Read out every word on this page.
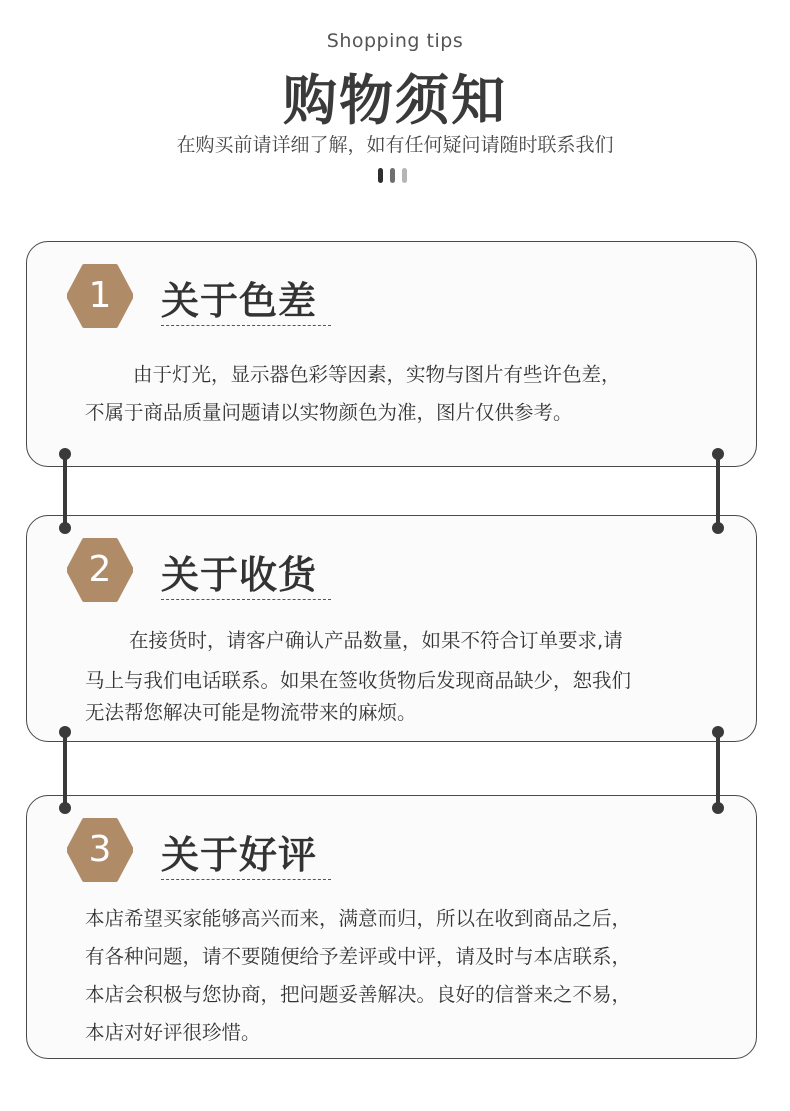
Shopping tips
购物须知
在购买前请详细了解，如有任何疑问请随时联系我们
1	关于色差

由于灯光，显示器色彩等因素，实物与图片有些许色差，

不属于商品质量问题请以实物颜色为准，图片仅供参考。

2	关于收货

在接货时，请客户确认产品数量，如果不符合订单要求,请

马上与我们电话联系。如果在签收货物后发现商品缺少，恕我们

无法帮您解决可能是物流带来的麻烦。

3	关于好评

本店希望买家能够高兴而来，满意而归，所以在收到商品之后，

有各种问题，请不要随便给予差评或中评，请及时与本店联系，

本店会积极与您协商，把问题妥善解决。良好的信誉来之不易，

本店对好评很珍惜。
